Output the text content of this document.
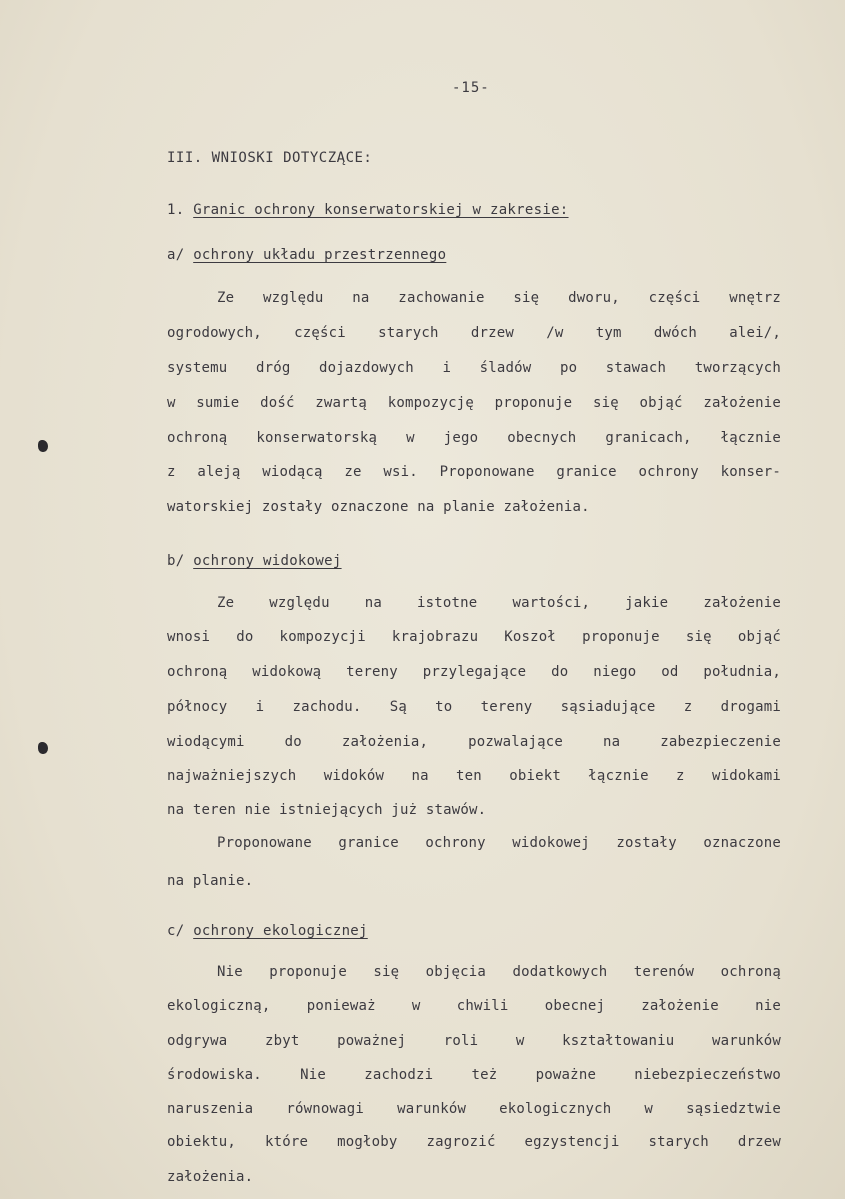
-15-
III. WNIOSKI DOTYCZĄCE:
1. Granic ochrony konserwatorskiej w zakresie:
a/ ochrony układu przestrzennego
Ze względu na zachowanie się dworu, części wnętrz
ogrodowych, części starych drzew /w tym dwóch alei/,
systemu dróg dojazdowych i śladów po stawach tworzących
w sumie dość zwartą kompozycję proponuje się objąć założenie
ochroną konserwatorską w jego obecnych granicach, łącznie
z aleją wiodącą ze wsi. Proponowane granice ochrony konser-
watorskiej zostały oznaczone na planie założenia.
b/ ochrony widokowej
Ze względu na istotne wartości, jakie założenie
wnosi do kompozycji krajobrazu Koszoł proponuje się objąć
ochroną widokową tereny przylegające do niego od południa,
północy i zachodu. Są to tereny sąsiadujące z drogami
wiodącymi do założenia, pozwalające na zabezpieczenie
najważniejszych widoków na ten obiekt łącznie z widokami
na teren nie istniejących już stawów.
Proponowane granice ochrony widokowej zostały oznaczone
na planie.
c/ ochrony ekologicznej
Nie proponuje się objęcia dodatkowych terenów ochroną
ekologiczną, ponieważ w chwili obecnej założenie nie
odgrywa zbyt poważnej roli w kształtowaniu warunków
środowiska. Nie zachodzi też poważne niebezpieczeństwo
naruszenia równowagi warunków ekologicznych w sąsiedztwie
obiektu, które mogłoby zagrozić egzystencji starych drzew
założenia.
